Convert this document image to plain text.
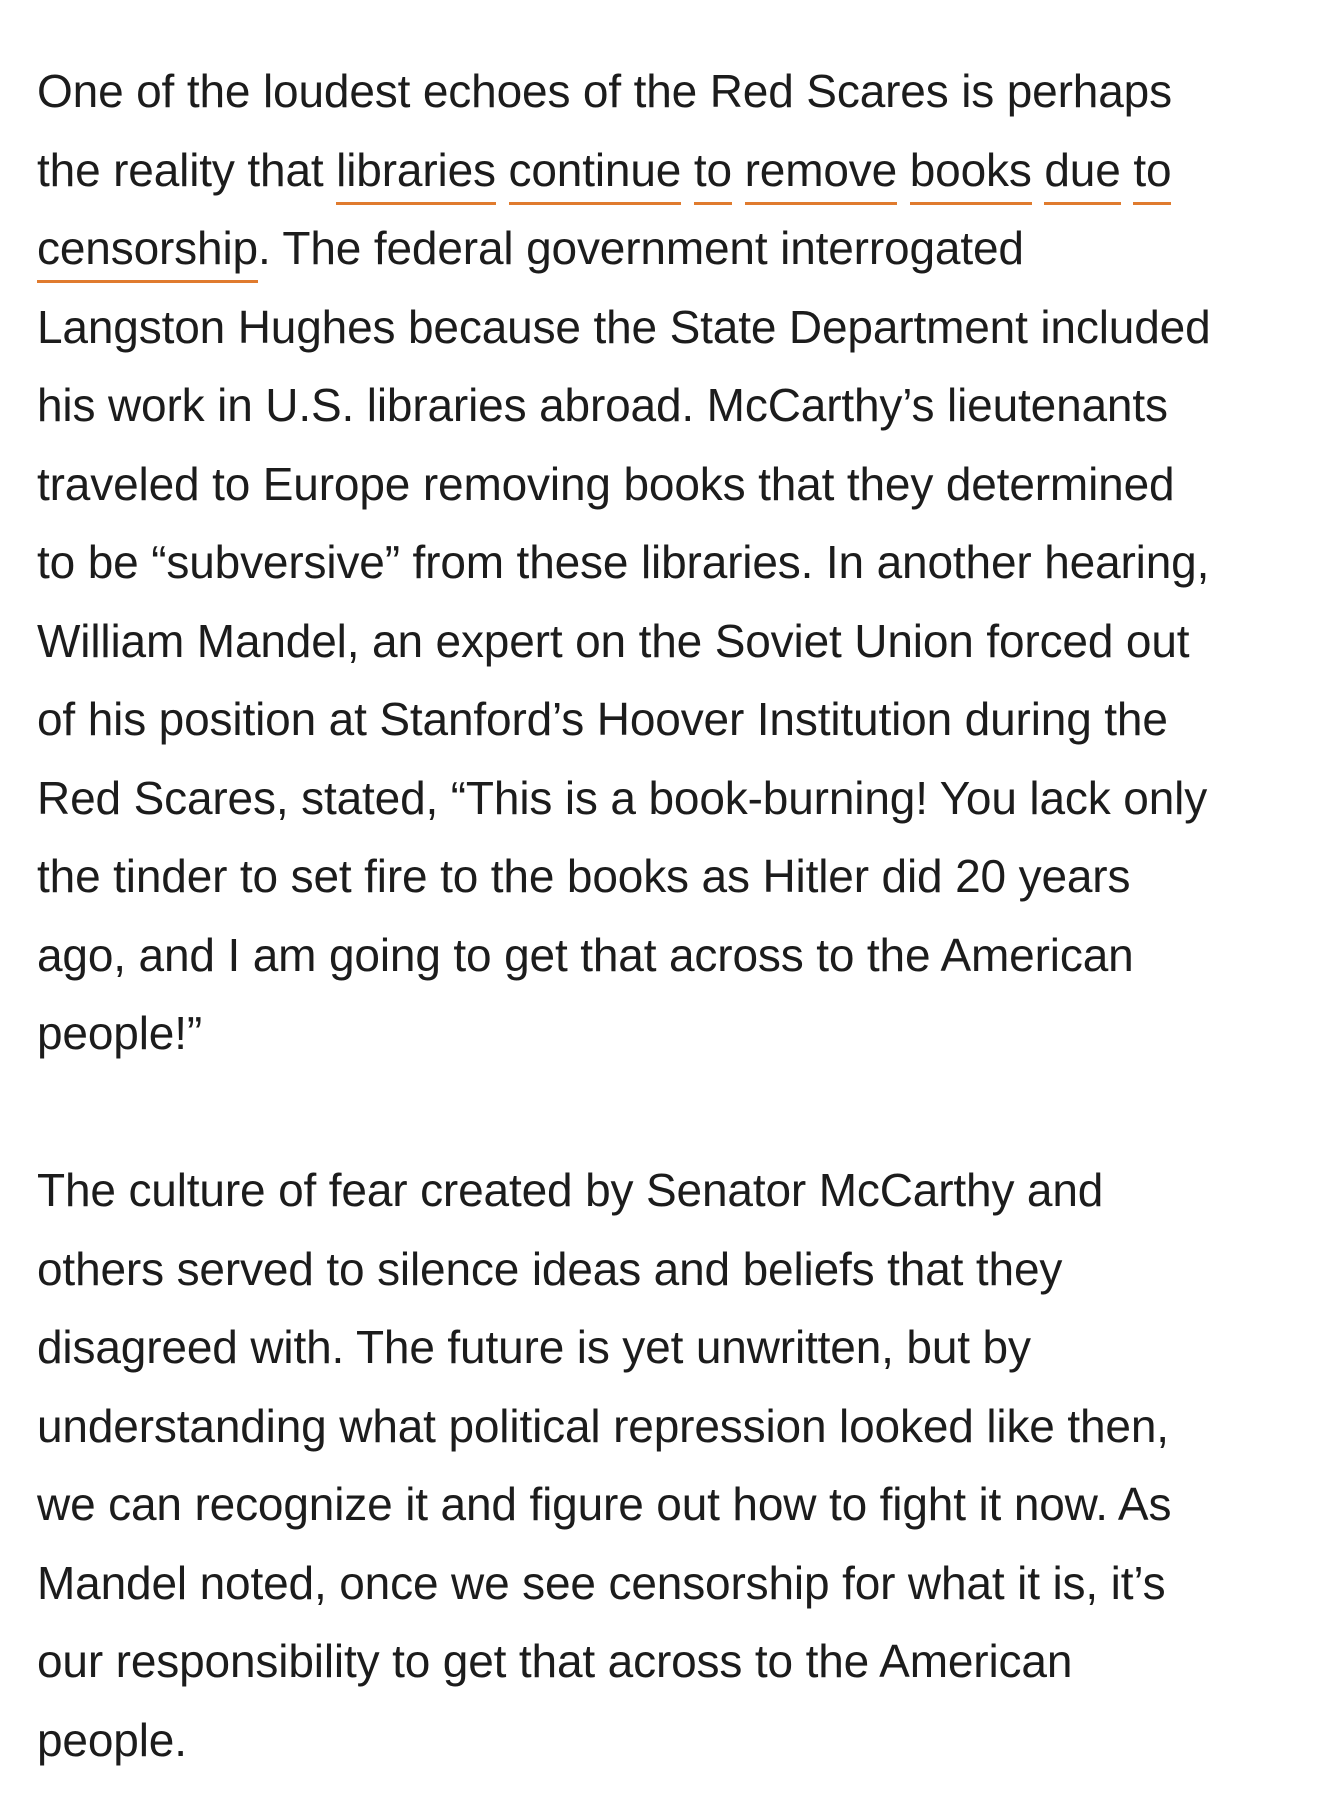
One of the loudest echoes of the Red Scares is perhaps
the reality that libraries continue to remove books due to
censorship. The federal government interrogated
Langston Hughes because the State Department included
his work in U.S. libraries abroad. McCarthy’s lieutenants
traveled to Europe removing books that they determined
to be “subversive” from these libraries. In another hearing,
William Mandel, an expert on the Soviet Union forced out
of his position at Stanford’s Hoover Institution during the
Red Scares, stated, “This is a book-burning! You lack only
the tinder to set fire to the books as Hitler did 20 years
ago, and I am going to get that across to the American
people!”

The culture of fear created by Senator McCarthy and
others served to silence ideas and beliefs that they
disagreed with. The future is yet unwritten, but by
understanding what political repression looked like then,
we can recognize it and figure out how to fight it now. As
Mandel noted, once we see censorship for what it is, it’s
our responsibility to get that across to the American
people.
